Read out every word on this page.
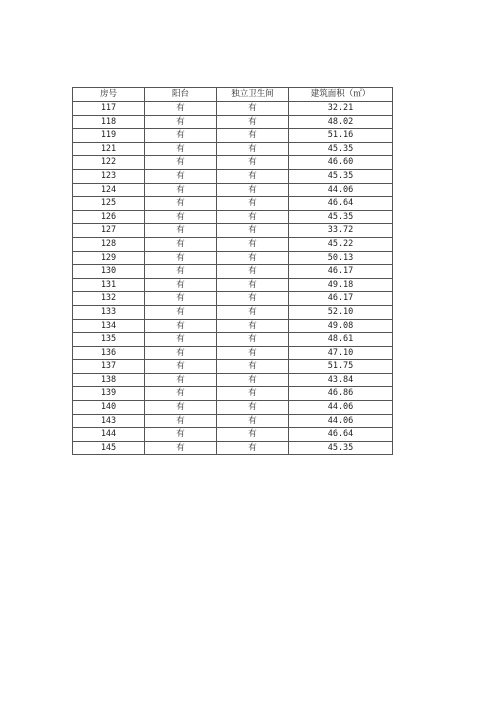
房号	阳台	独立卫生间	建筑面积（㎡）
117	有	有	32.21
118	有	有	48.02
119	有	有	51.16
121	有	有	45.35
122	有	有	46.60
123	有	有	45.35
124	有	有	44.06
125	有	有	46.64
126	有	有	45.35
127	有	有	33.72
128	有	有	45.22
129	有	有	50.13
130	有	有	46.17
131	有	有	49.18
132	有	有	46.17
133	有	有	52.10
134	有	有	49.08
135	有	有	48.61
136	有	有	47.10
137	有	有	51.75
138	有	有	43.84
139	有	有	46.86
140	有	有	44.06
143	有	有	44.06
144	有	有	46.64
145	有	有	45.35
